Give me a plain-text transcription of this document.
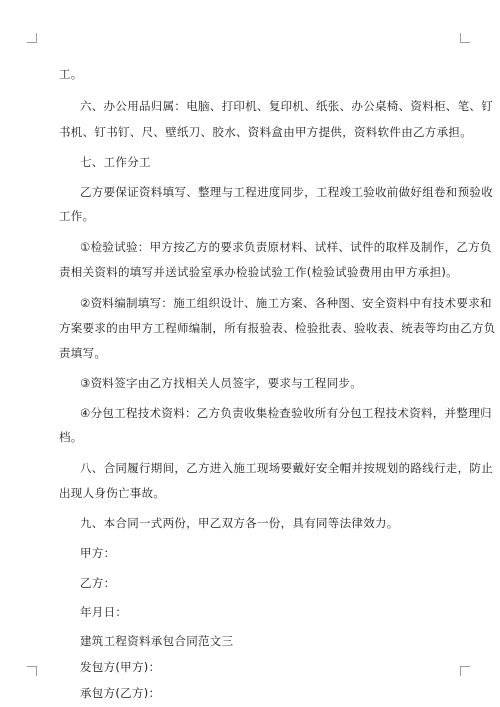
工。
六、办公用品归属：电脑、打印机、复印机、纸张、办公桌椅、资料柜、笔、钉
书机、钉书钉、尺、壁纸刀、胶水、资料盒由甲方提供，资料软件由乙方承担。
七、工作分工
乙方要保证资料填写、整理与工程进度同步，工程竣工验收前做好组卷和预验收
工作。
①检验试验：甲方按乙方的要求负责原材料、试样、试件的取样及制作，乙方负
责相关资料的填写并送试验室承办检验试验工作(检验试验费用由甲方承担)。
②资料编制填写：施工组织设计、施工方案、各种图、安全资料中有技术要求和
方案要求的由甲方工程师编制，所有报验表、检验批表、验收表、统表等均由乙方负
责填写。
③资料签字由乙方找相关人员签字，要求与工程同步。
④分包工程技术资料：乙方负责收集检查验收所有分包工程技术资料，并整理归
档。
八、合同履行期间，乙方进入施工现场要戴好安全帽并按规划的路线行走，防止
出现人身伤亡事故。
九、本合同一式两份，甲乙双方各一份，具有同等法律效力。
甲方：
乙方：
年月日：
建筑工程资料承包合同范文三
发包方(甲方)：
承包方(乙方)：
